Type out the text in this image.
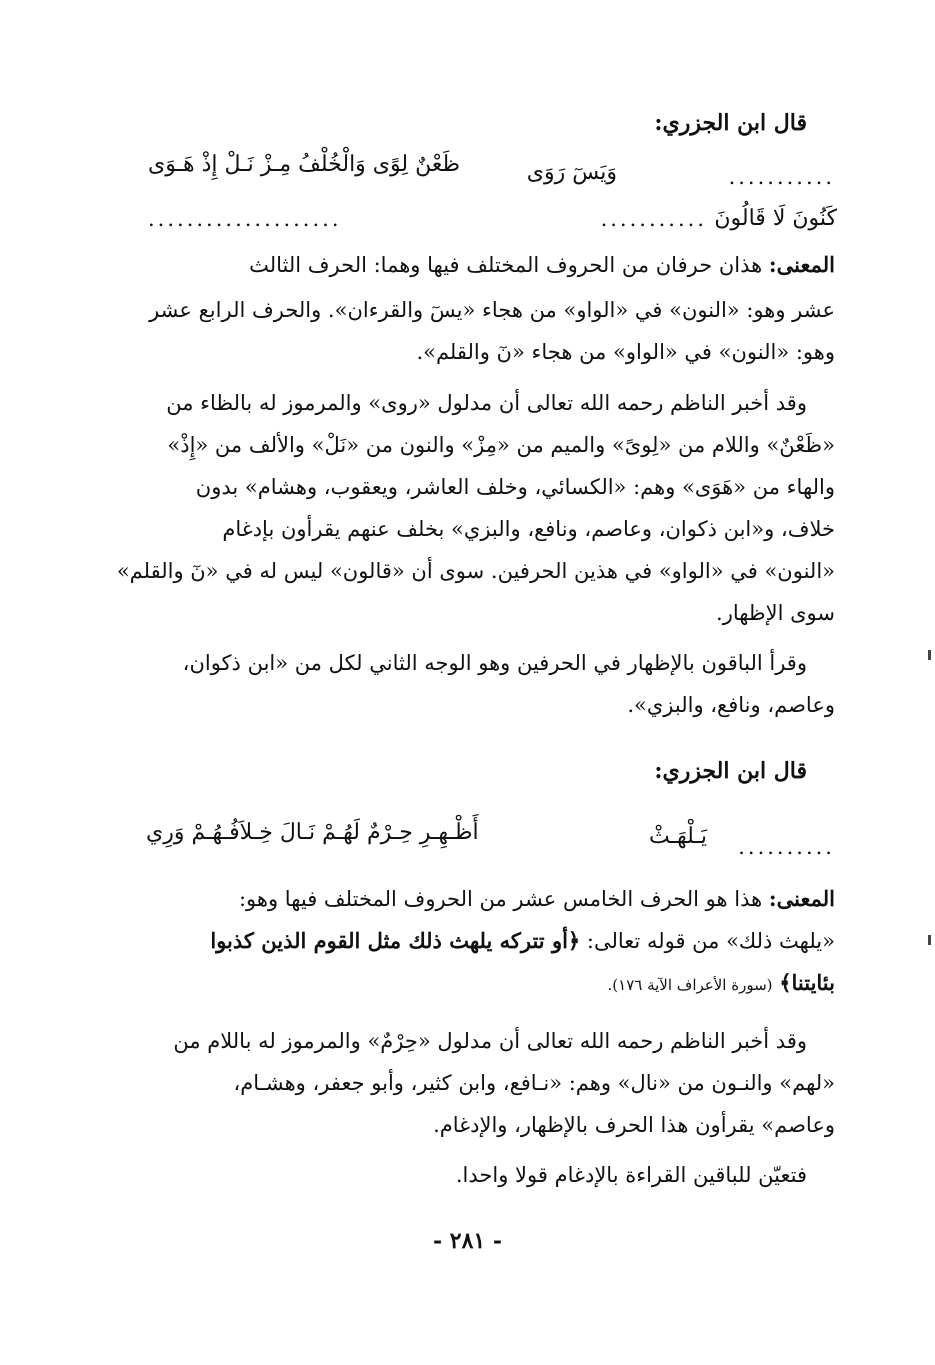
قال ابن الجزري:
...........
وَيَسٓ رَوَى
ظَعْنٌ لِوًى وَالْخُلْفُ مِـزْ نَـلْ إِذْ هَـوَى
كَنُونَ لَا قَالُونَ
...........
....................
المعنى: هذان حرفان من الحروف المختلف فيها وهما: الحرف الثالث
عشر وهو: «النون» في «الواو» من هجاء «يسٓ والقرءان». والحرف الرابع عشر
وهو: «النون» في «الواو» من هجاء «نٓ والقلم».
وقد أخبر الناظم رحمه الله تعالى أن مدلول «روى» والمرموز له بالظاء من
«ظَعْنٌ» واللام من «لِوىً» والميم من «مِزْ» والنون من «نَلْ» والألف من «إِذْ»
والهاء من «هَوَى» وهم: «الكسائي، وخلف العاشر، ويعقوب، وهشام» بدون
خلاف، و«ابن ذكوان، وعاصم، ونافع، والبزي» بخلف عنهم يقرأون بإدغام
«النون» في «الواو» في هذين الحرفين. سوى أن «قالون» ليس له في «نٓ والقلم»
سوى الإظهار.
وقرأ الباقون بالإظهار في الحرفين وهو الوجه الثاني لكل من «ابن ذكوان،
وعاصم، ونافع، والبزي».
قال ابن الجزري:
..........
يَـلْهَـثْ
أَظْـهِـرِ حِـرْمٌ لَهُـمْ نَـالَ خِـلاَفُـهُـمْ وَرِي
المعنى: هذا هو الحرف الخامس عشر من الحروف المختلف فيها وهو:
«يلهث ذلك» من قوله تعالى: ﴿أو تتركه يلهث ذلك مثل القوم الذين كذبوا
بئايتنا﴾ (سورة الأعراف الآية ١٧٦).
وقد أخبر الناظم رحمه الله تعالى أن مدلول «حِرْمٌ» والمرموز له باللام من
«لهم» والنـون من «نال» وهم: «نـافع، وابن كثير، وأبو جعفر، وهشـام،
وعاصم» يقرأون هذا الحرف بالإظهار، والإدغام.
فتعيّن للباقين القراءة بالإدغام قولا واحدا.
- ٢٨١ -
